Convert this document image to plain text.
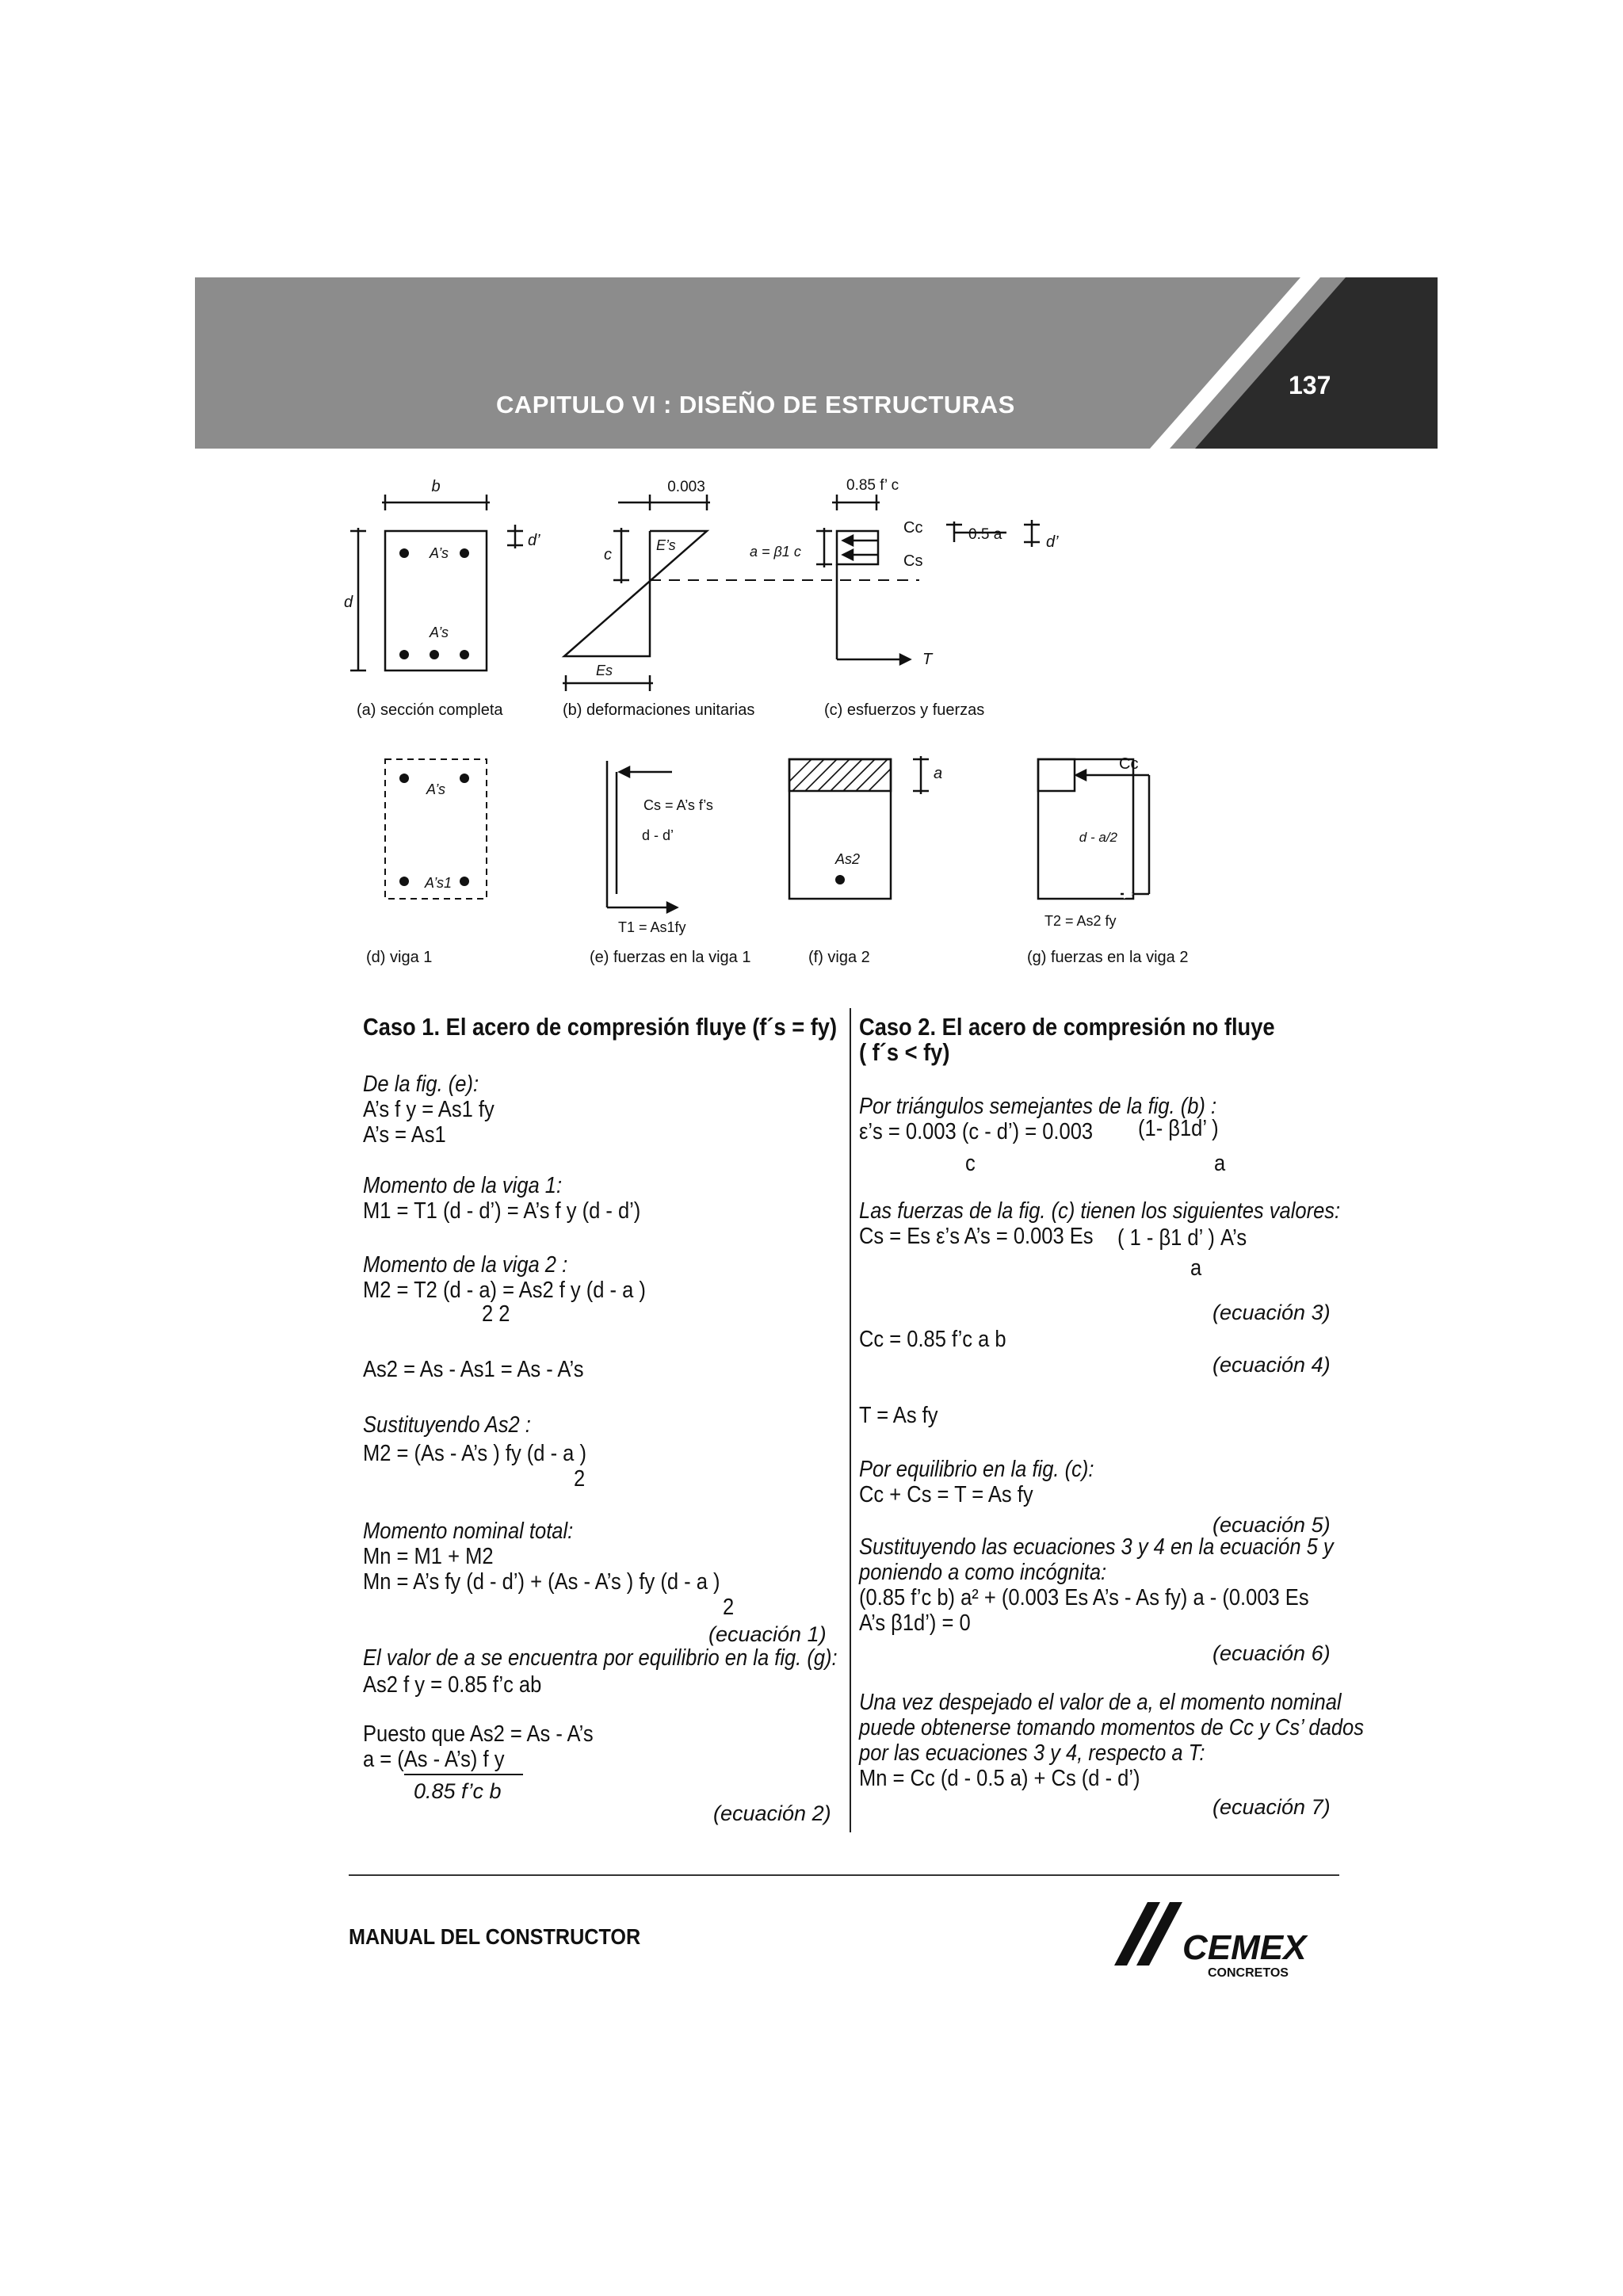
CAPITULO VI : DISEÑO DE ESTRUCTURAS
137
b
d
d’
A’s
A’s
c
0.003
E’s
Es
0.85 f’ c
a = β1 c
Cc
Cs
0.5 a	d’
T
A’s
A’s1
Cs = A’s f’s
d - d’
T1 = As1fy
a
As2
Cc
d - a/2
T2 = As2 fy
(a) sección completa	(b) deformaciones unitarias	(c) esfuerzos y fuerzas
(d) viga 1	(e) fuerzas en la viga 1	(f) viga 2	(g) fuerzas en la viga 2
Caso 1. El acero de compresión fluye (f´s = fy)
De la fig. (e):
A’s f y = As1 fy
A’s = As1
Momento de la viga 1:
M1 = T1 (d - d’) = A’s f y (d - d’)
Momento de la viga 2 :
M2 = T2 (d - a) = As2 f y (d - a )
2 2
As2 = As - As1 = As - A’s
Sustituyendo As2 :
M2 = (As - A’s ) fy (d - a )
2
Momento nominal total:
Mn = M1 + M2
Mn = A’s fy (d - d’) + (As - A’s ) fy (d - a )
2
(ecuación 1)
El valor de a se encuentra por equilibrio en la fig. (g):
As2 f y = 0.85 f’c ab
Puesto que As2 = As - A’s
a = (As - A’s) f y
0.85 f’c b
(ecuación 2)
Caso 2. El acero de compresión no fluye
( f´s < fy)
Por triángulos semejantes de la fig. (b) :
ε’s = 0.003 (c - d’) = 0.003 (1- β1d’ )
c	a
Las fuerzas de la fig. (c) tienen los siguientes valores:
Cs = Es ε’s A’s = 0.003 Es ( 1 - β1 d’ ) A’s
a
(ecuación 3)
Cc = 0.85 f’c a b
(ecuación 4)
T = As fy
Por equilibrio en la fig. (c):
Cc + Cs = T = As fy
(ecuación 5)
Sustituyendo las ecuaciones 3 y 4 en la ecuación 5 y
poniendo a como incógnita:
(0.85 f’c b) a² + (0.003 Es A’s - As fy) a - (0.003 Es
A’s β1d’) = 0
(ecuación 6)
Una vez despejado el valor de a, el momento nominal
puede obtenerse tomando momentos de Cc y Cs’ dados
por las ecuaciones 3 y 4, respecto a T:
Mn = Cc (d - 0.5 a) + Cs (d - d’)
(ecuación 7)
MANUAL DEL CONSTRUCTOR	CEMEX
CONCRETOS
